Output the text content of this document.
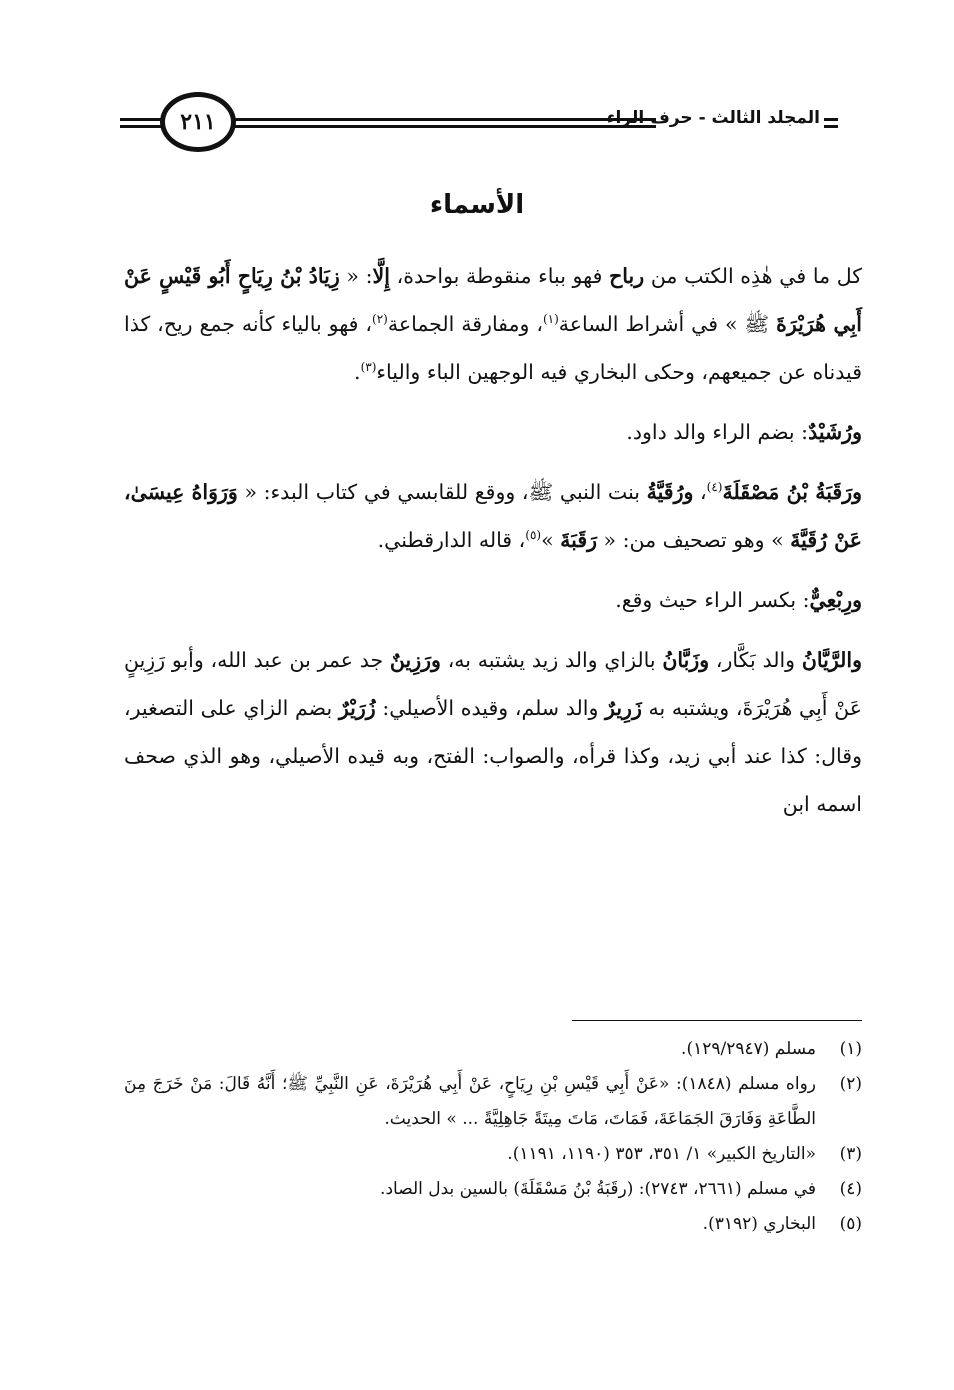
٢١١	المجلد الثالث - حرف الراء
الأسماء

كل ما في هٰذِه الكتب من رباح فهو بباء منقوطة بواحدة، إِلَّا: « زِيَادُ بْنُ رِيَاحٍ أَبُو قَيْسٍ عَنْ أَبِي هُرَيْرَةَ ﷺ » في أشراط الساعة$^{(١)}$، ومفارقة الجماعة$^{(٢)}$، فهو بالياء كأنه جمع ريح، كذا قيدناه عن جميعهم، وحكى البخاري فيه الوجهين الباء والياء$^{(٣)}$.

ورُشَيْدٌ: بضم الراء والد داود.

ورَقَبَةُ بْنُ مَصْقَلَةَ$^{(٤)}$، ورُقَيَّةُ بنت النبي ﷺ، ووقع للقابسي في كتاب البدء: « وَرَوَاهُ عِيسَىٰ، عَنْ رُقَيَّةَ » وهو تصحيف من: « رَقَبَةَ »$^{(٥)}$، قاله الدارقطني.

ورِبْعِيٌّ: بكسر الراء حيث وقع.

والرَّيَّانُ والد بَكَّار، وزَبَّانُ بالزاي والد زيد يشتبه به، ورَزِينٌ جد عمر بن عبد الله، وأبو رَزِينٍ عَنْ أَبِي هُرَيْرَةَ، ويشتبه به زَرِيرٌ والد سلم، وقيده الأصيلي: زُرَيْرٌ بضم الزاي على التصغير، وقال: كذا عند أبي زيد، وكذا قرأه، والصواب: الفتح، وبه قيده الأصيلي، وهو الذي صحف اسمه ابن

(١)
مسلم (١٢٩/٢٩٤٧).
(٢)
رواه مسلم (١٨٤٨): «عَنْ أَبِي قَيْسِ بْنِ رِيَاحٍ، عَنْ أَبِي هُرَيْرَةَ، عَنِ النَّبِيِّ ﷺ؛ أَنَّهُ قَالَ: مَنْ خَرَجَ مِنَ الطَّاعَةِ وَفَارَقَ الجَمَاعَةَ، فَمَاتَ، مَاتَ مِيتَةً جَاهِلِيَّةً ... » الحديث.
(٣)
«التاريخ الكبير» ١/ ٣٥١، ٣٥٣ (١١٩٠، ١١٩١).
(٤)
في مسلم (٢٦٦١، ٢٧٤٣): (رقَبَةُ بْنُ مَسْقَلَةَ) بالسين بدل الصاد.
(٥)
البخاري (٣١٩٢).
